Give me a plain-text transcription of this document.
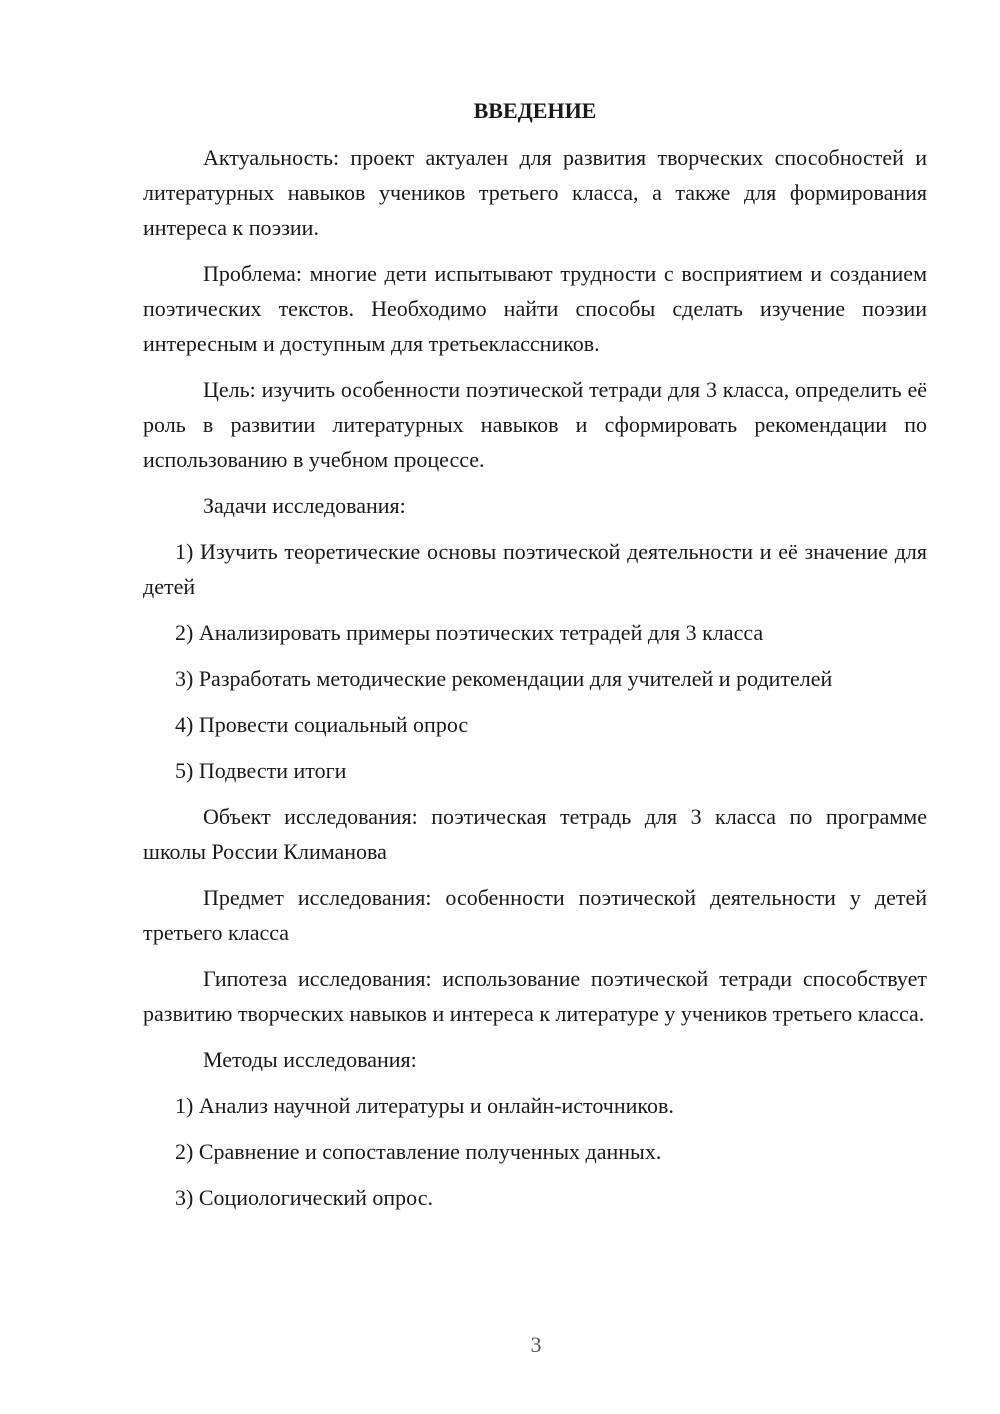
ВВЕДЕНИЕ

Актуальность: проект актуален для развития творческих способностей и литературных навыков учеников третьего класса, а также для формирования интереса к поэзии.

Проблема: многие дети испытывают трудности с восприятием и созданием поэтических текстов. Необходимо найти способы сделать изучение поэзии интересным и доступным для третьеклассников.

Цель: изучить особенности поэтической тетради для 3 класса, определить её роль в развитии литературных навыков и сформировать рекомендации по использованию в учебном процессе.

Задачи исследования:

1) Изучить теоретические основы поэтической деятельности и её значение для детей

2) Анализировать примеры поэтических тетрадей для 3 класса

3) Разработать методические рекомендации для учителей и родителей

4) Провести социальный опрос

5) Подвести итоги

Объект исследования: поэтическая тетрадь для 3 класса по программе школы России Климанова

Предмет исследования: особенности поэтической деятельности у детей третьего класса

Гипотеза исследования: использование поэтической тетради способствует развитию творческих навыков и интереса к литературе у учеников третьего класса.

Методы исследования:

1) Анализ научной литературы и онлайн-источников.

2) Сравнение и сопоставление полученных данных.

3) Социологический опрос.

3
